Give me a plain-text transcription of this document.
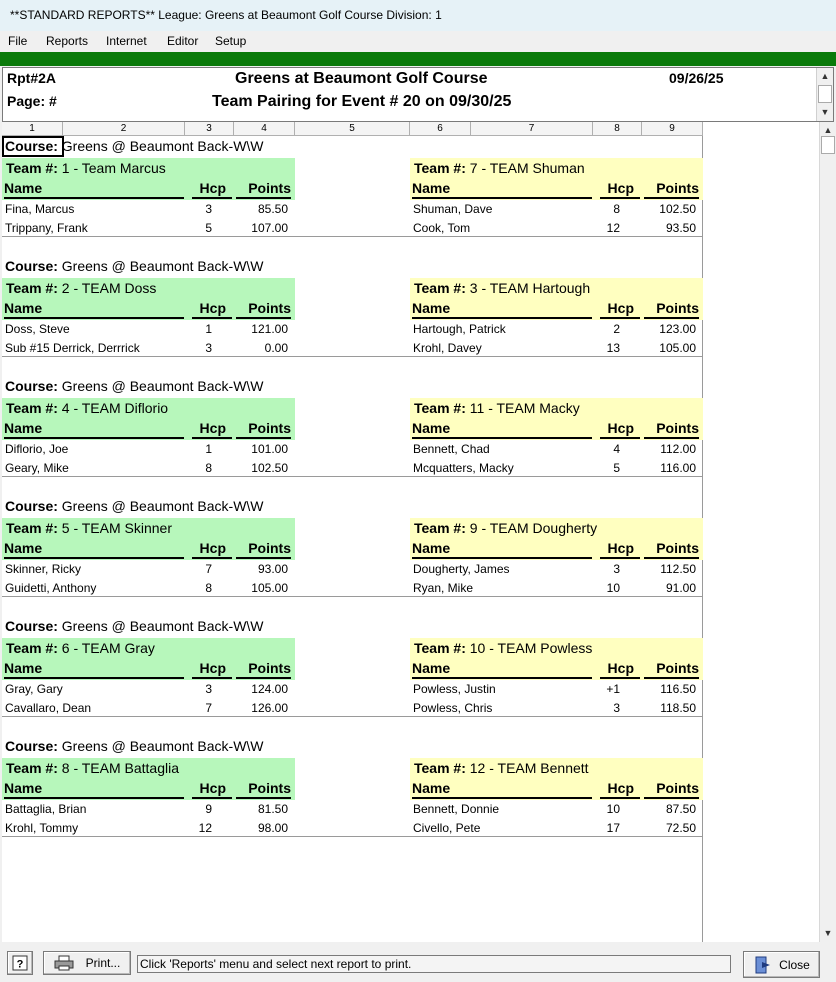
**STANDARD REPORTS** League: Greens at Beaumont Golf Course Division: 1
File Reports Internet Editor Setup
Rpt#2A
Page: #
Greens at Beaumont Golf Course
Team Pairing for Event # 20 on 09/30/25
09/26/25	▲
▼
1	2	3	4	5	6	7	8	9	▲
▼
Course: Greens @ Beaumont Back-W\W
Team #: 1 - Team Marcus
Name	Hcp	Points
Team #: 7 - TEAM Shuman
Name	Hcp	Points
Fina, Marcus	3	85.50
Trippany, Frank	5	107.00
Shuman, Dave	8	102.50
Cook, Tom	12	93.50
Course: Greens @ Beaumont Back-W\W
Team #: 2 - TEAM Doss
Name	Hcp	Points
Team #: 3 - TEAM Hartough
Name	Hcp	Points
Doss, Steve	1	121.00
Sub #15 Derrick, Derrrick	3	0.00
Hartough, Patrick	2	123.00
Krohl, Davey	13	105.00
Course: Greens @ Beaumont Back-W\W
Team #: 4 - TEAM Diflorio
Name	Hcp	Points
Team #: 11 - TEAM Macky
Name	Hcp	Points
Diflorio, Joe	1	101.00
Geary, Mike	8	102.50
Bennett, Chad	4	112.00
Mcquatters, Macky	5	116.00
Course: Greens @ Beaumont Back-W\W
Team #: 5 - TEAM Skinner
Name	Hcp	Points
Team #: 9 - TEAM Dougherty
Name	Hcp	Points
Skinner, Ricky	7	93.00
Guidetti, Anthony	8	105.00
Dougherty, James	3	112.50
Ryan, Mike	10	91.00
Course: Greens @ Beaumont Back-W\W
Team #: 6 - TEAM Gray
Name	Hcp	Points
Team #: 10 - TEAM Powless
Name	Hcp	Points
Gray, Gary	3	124.00
Cavallaro, Dean	7	126.00
Powless, Justin	+1	116.50
Powless, Chris	3	118.50
Course: Greens @ Beaumont Back-W\W
Team #: 8 - TEAM Battaglia
Name	Hcp	Points
Team #: 12 - TEAM Bennett
Name	Hcp	Points
Battaglia, Brian	9	81.50
Krohl, Tommy	12	98.00
Bennett, Donnie	10	87.50
Civello, Pete	17	72.50
?	Print... Click 'Reports' menu and select next report to print.	Close
